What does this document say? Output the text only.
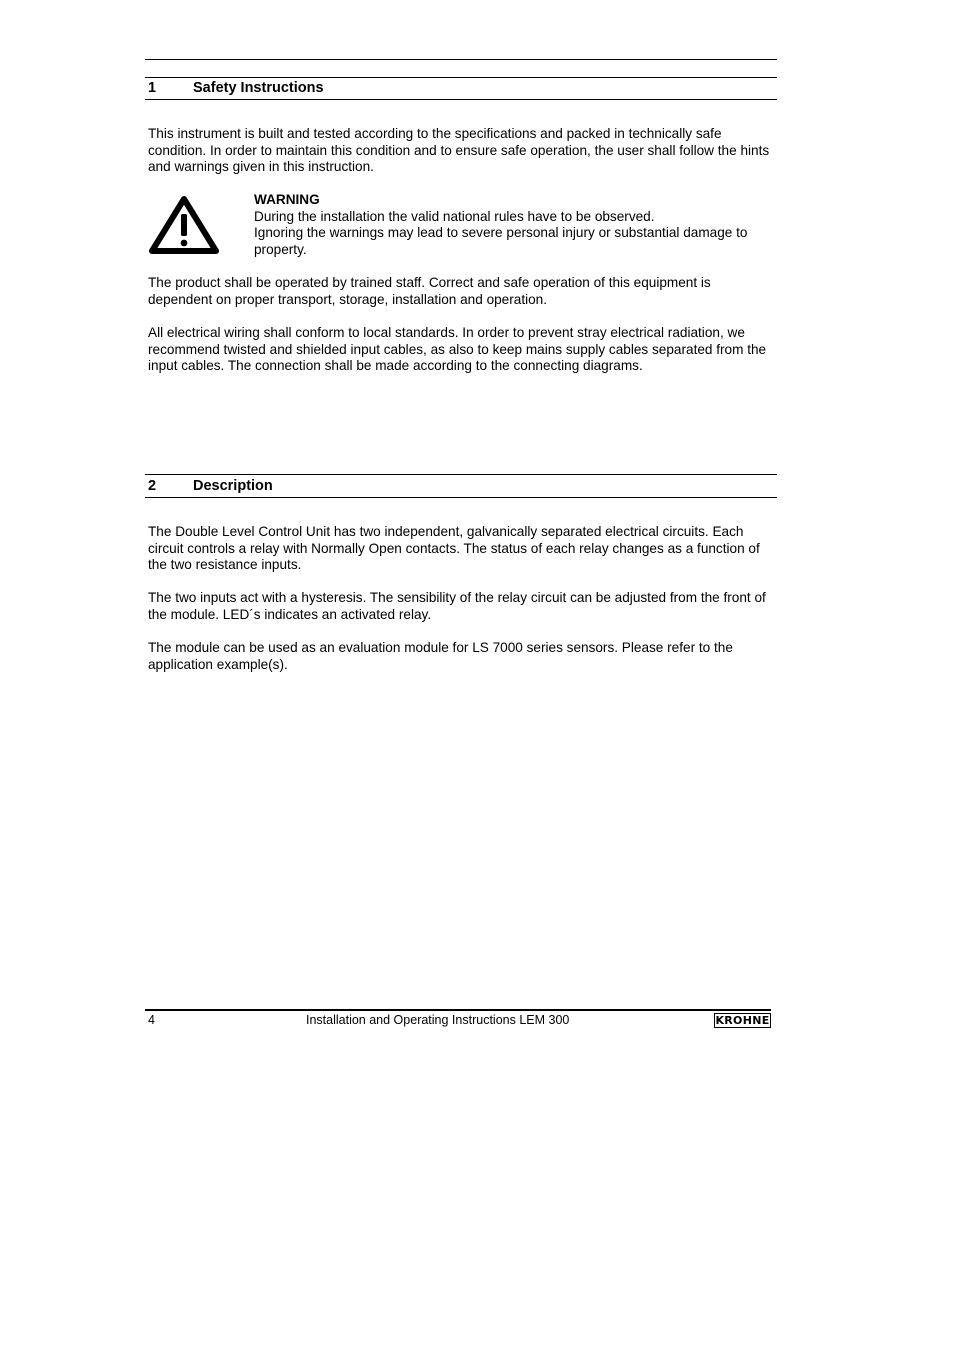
1	Safety Instructions

This instrument is built and tested according to the specifications and packed in technically safe condition. In order to maintain this condition and to ensure safe operation, the user shall follow the hints and warnings given in this instruction.

WARNING
During the installation the valid national rules have to be observed.
Ignoring the warnings may lead to severe personal injury or substantial damage to property.

The product shall be operated by trained staff. Correct and safe operation of this equipment is dependent on proper transport, storage, installation and operation.

All electrical wiring shall conform to local standards. In order to prevent stray electrical radiation, we recommend twisted and shielded input cables, as also to keep mains supply cables separated from the input cables. The connection shall be made according to the connecting diagrams.

2	Description

The Double Level Control Unit has two independent, galvanically separated electrical circuits. Each circuit controls a relay with Normally Open contacts. The status of each relay changes as a function of the two resistance inputs.

The two inputs act with a hysteresis. The sensibility of the relay circuit can be adjusted from the front of the module. LED´s indicates an activated relay.

The module can be used as an evaluation module for LS 7000 series sensors. Please refer to the application example(s).

4	Installation and Operating Instructions LEM 300	KROHNE
